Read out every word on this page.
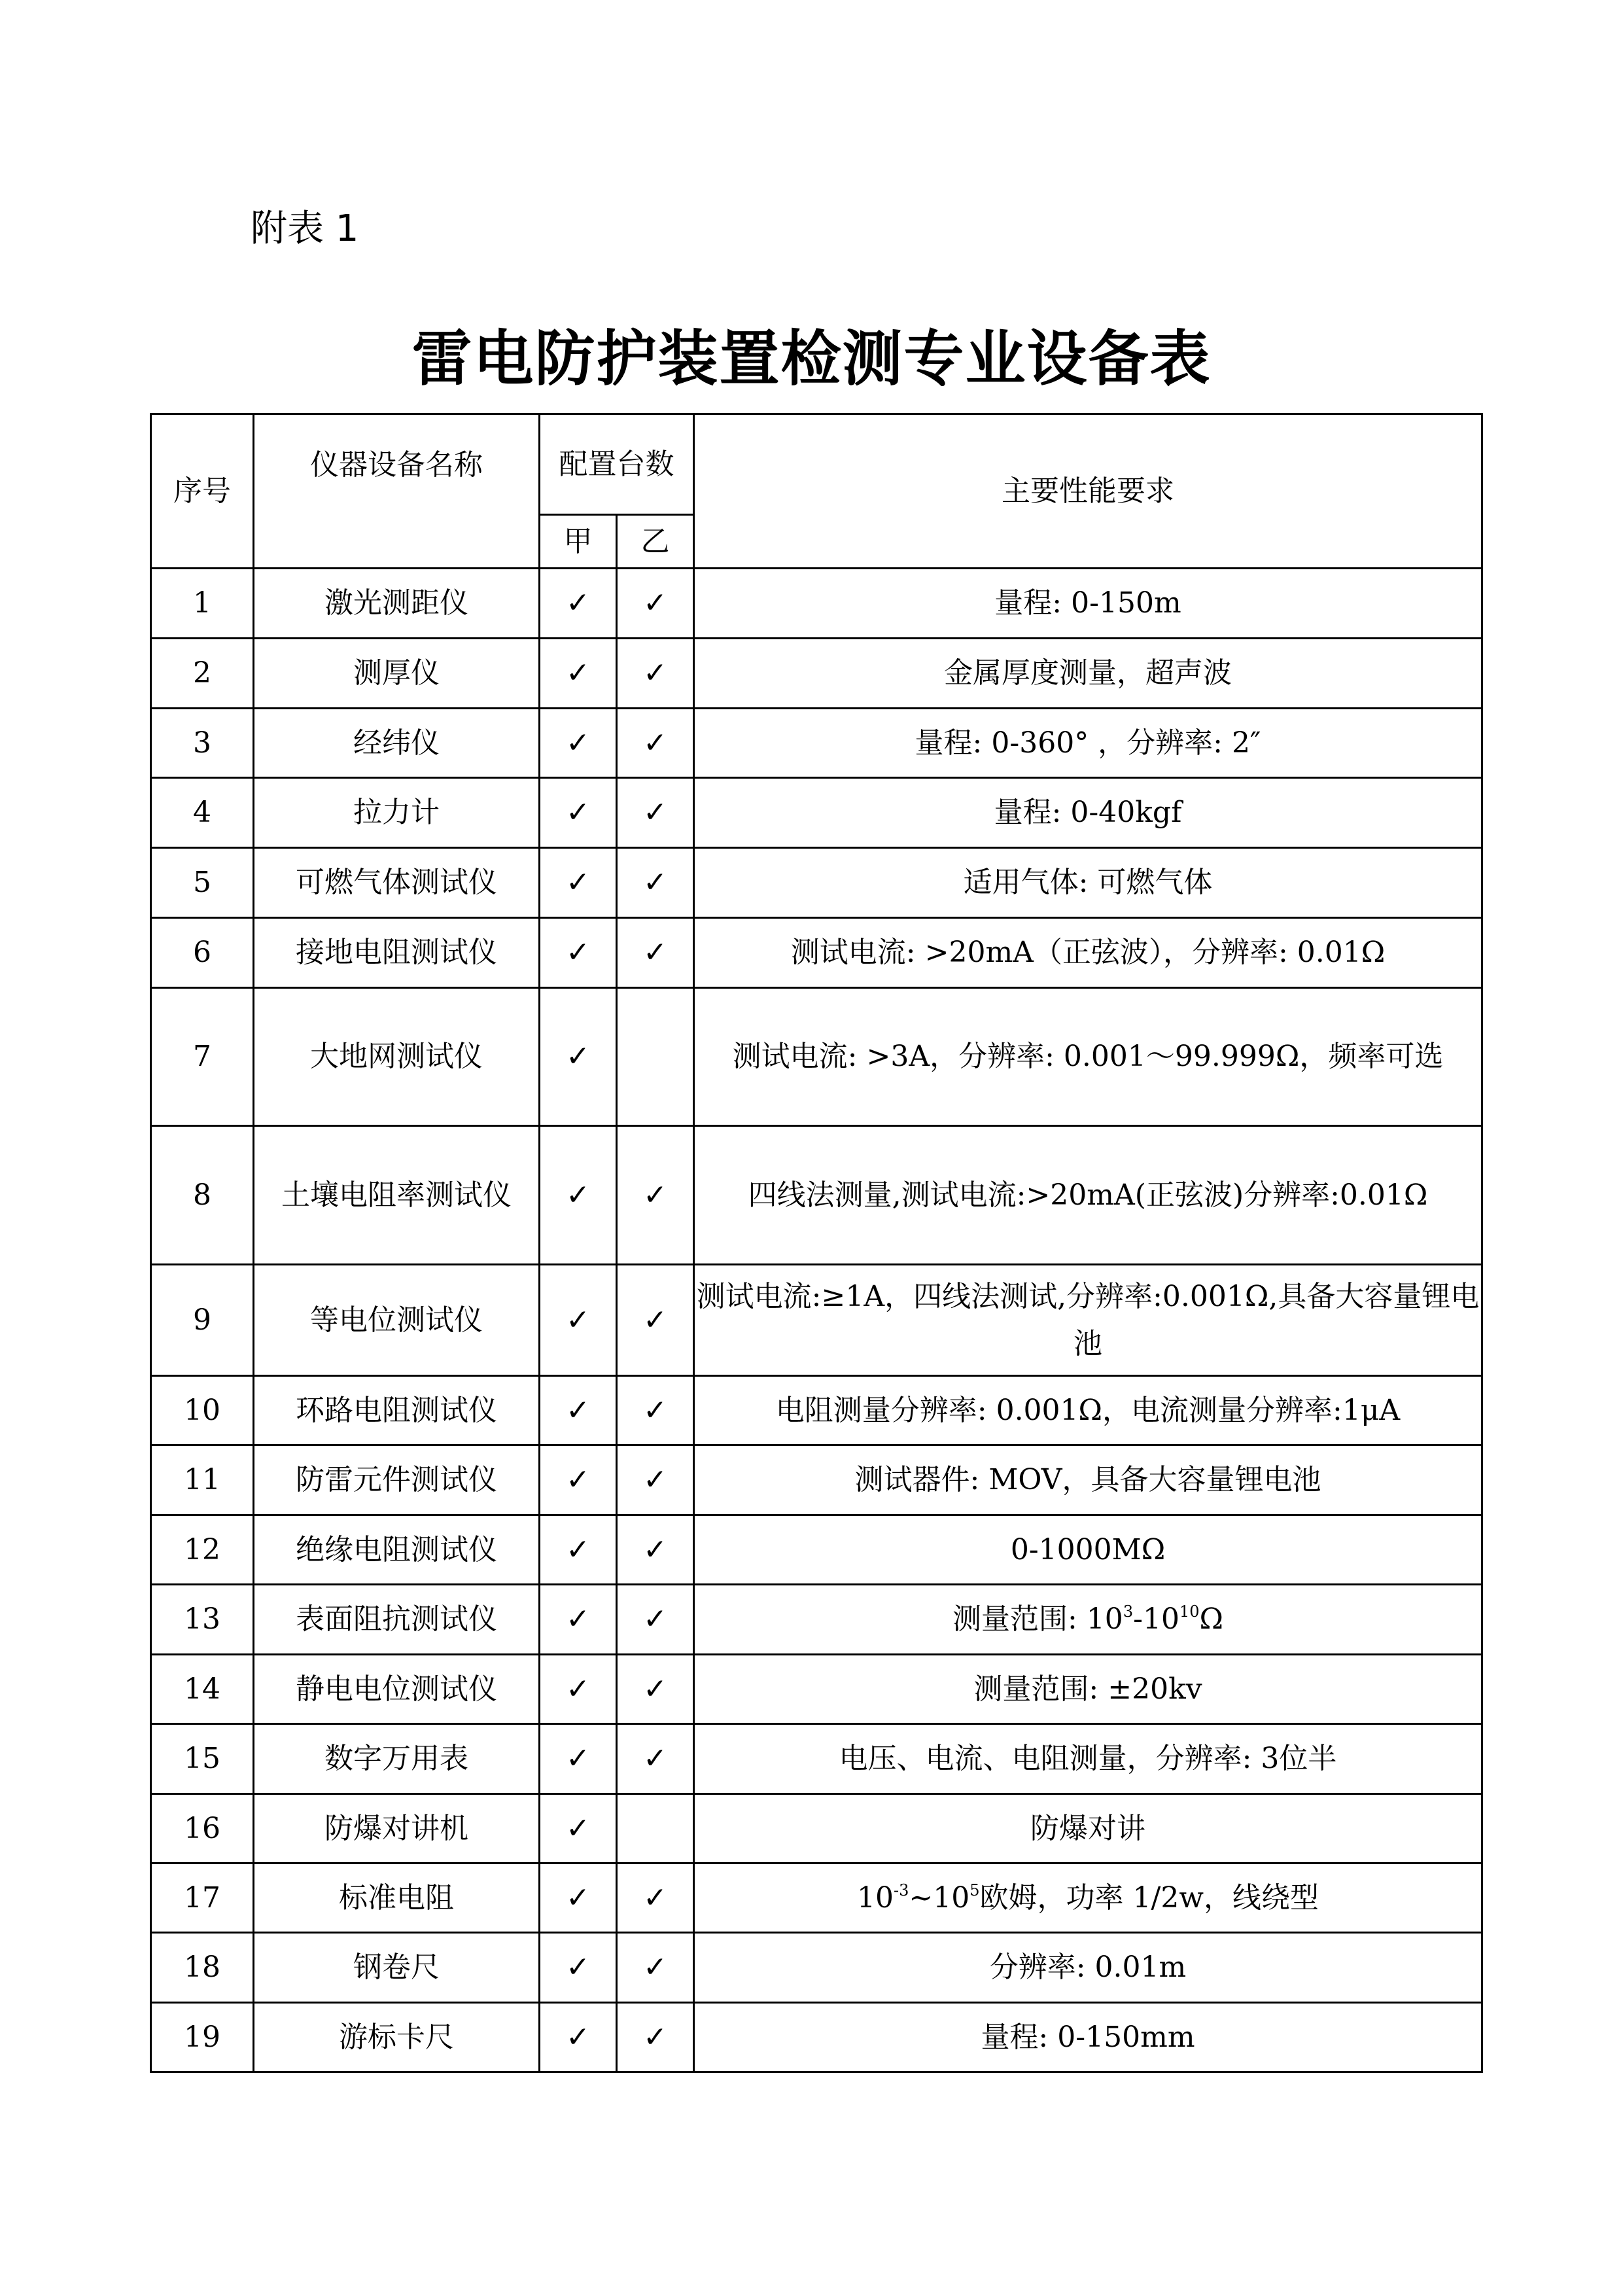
附表 1
雷电防护装置检测专业设备表
序号	仪器设备名称	配置台数		主要性能要求
		甲	乙	
1	激光测距仪	✓	✓	量程: 0-150m
2	测厚仪	✓	✓	金属厚度测量，超声波
3	经纬仪	✓	✓	量程: 0-360° ，分辨率: 2″
4	拉力计	✓	✓	量程: 0-40kgf
5	可燃气体测试仪	✓	✓	适用气体: 可燃气体
6	接地电阻测试仪	✓	✓	测试电流: >20mA（正弦波），分辨率: 0.01Ω
7	大地网测试仪	✓		测试电流: >3A，分辨率: 0.001～99.999Ω，频率可选
8	土壤电阻率测试仪	✓	✓	四线法测量,测试电流:>20mA(正弦波)分辨率:0.01Ω
9	等电位测试仪	✓	✓	测试电流:≥1A，四线法测试,分辨率:0.001Ω,具备大容量锂电池
10	环路电阻测试仪	✓	✓	电阻测量分辨率: 0.001Ω，电流测量分辨率:1μA
11	防雷元件测试仪	✓	✓	测试器件: MOV，具备大容量锂电池
12	绝缘电阻测试仪	✓	✓	0-1000MΩ
13	表面阻抗测试仪	✓	✓	测量范围: $10^3-10^{10}\Omega$
14	静电电位测试仪	✓	✓	测量范围: ±20kv
15	数字万用表	✓	✓	电压、电流、电阻测量，分辨率: 3位半
16	防爆对讲机	✓		防爆对讲
17	标准电阻	✓	✓	$10^{-3}\sim 10^5$欧姆，功率 1/2w，线绕型
18	钢卷尺	✓	✓	分辨率: 0.01m
19	游标卡尺	✓	✓	量程: 0-150mm
